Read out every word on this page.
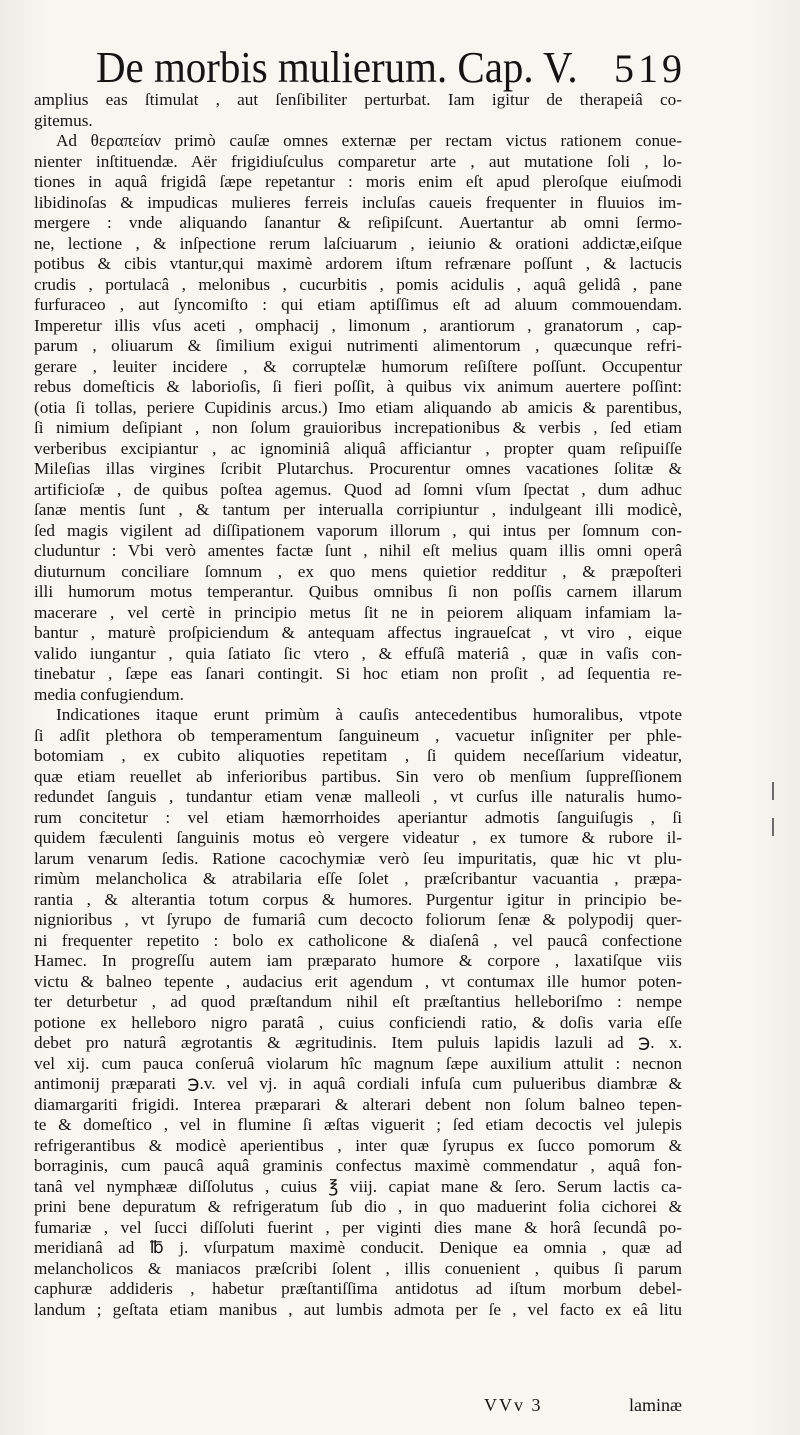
De morbis mulierum. Cap. V. 519
amplius eas ſtimulat , aut ſenſibiliter perturbat. Iam igitur de therapeiâ co-
gitemus.
Ad θεραπείαν primò cauſæ omnes externæ per rectam victus rationem conue-
nienter inſtituendæ. Aër frigidiuſculus comparetur arte , aut mutatione ſoli , lo-
tiones in aquâ frigidâ ſæpe repetantur : moris enim eſt apud pleroſque eiuſmodi
libidinoſas & impudicas mulieres ferreis incluſas caueis frequenter in fluuios im-
mergere : vnde aliquando ſanantur & reſipiſcunt. Auertantur ab omni ſermo-
ne, lectione , & inſpectione rerum laſciuarum , ieiunio & orationi addictæ,eiſque
potibus & cibis vtantur,qui maximè ardorem iſtum refrænare poſſunt , & lactucis
crudis , portulacâ , melonibus , cucurbitis , pomis acidulis , aquâ gelidâ , pane
furfuraceo , aut ſyncomiſto : qui etiam aptiſſimus eſt ad aluum commouendam.
Imperetur illis vſus aceti , omphacij , limonum , arantiorum , granatorum , cap-
parum , oliuarum & ſimilium exigui nutrimenti alimentorum , quæcunque refri-
gerare , leuiter incidere , & corruptelæ humorum reſiſtere poſſunt. Occupentur
rebus domeſticis & laborioſis, ſi fieri poſſit, à quibus vix animum auertere poſſint:
(otia ſi tollas, periere Cupidinis arcus.) Imo etiam aliquando ab amicis & parentibus,
ſi nimium deſipiant , non ſolum grauioribus increpationibus & verbis , ſed etiam
verberibus excipiantur , ac ignominiâ aliquâ afficiantur , propter quam reſipuiſſe
Mileſias illas virgines ſcribit Plutarchus. Procurentur omnes vacationes ſolitæ &
artificioſæ , de quibus poſtea agemus. Quod ad ſomni vſum ſpectat , dum adhuc
ſanæ mentis ſunt , & tantum per interualla corripiuntur , indulgeant illi modicè,
ſed magis vigilent ad diſſipationem vaporum illorum , qui intus per ſomnum con-
cluduntur : Vbi verò amentes factæ ſunt , nihil eſt melius quam illis omni operâ
diuturnum conciliare ſomnum , ex quo mens quietior redditur , & præpoſteri
illi humorum motus temperantur. Quibus omnibus ſi non poſſis carnem illarum
macerare , vel certè in principio metus ſit ne in peiorem aliquam infamiam la-
bantur , maturè proſpiciendum & antequam affectus ingraueſcat , vt viro , eique
valido iungantur , quia ſatiato ſic vtero , & effuſâ materiâ , quæ in vaſis con-
tinebatur , ſæpe eas ſanari contingit. Si hoc etiam non proſit , ad ſequentia re-
media confugiendum.
Indicationes itaque erunt primùm à cauſis antecedentibus humoralibus, vtpote
ſi adſit plethora ob temperamentum ſanguineum , vacuetur inſigniter per phle-
botomiam , ex cubito aliquoties repetitam , ſi quidem neceſſarium videatur,
quæ etiam reuellet ab inferioribus partibus. Sin vero ob menſium ſuppreſſionem
redundet ſanguis , tundantur etiam venæ malleoli , vt curſus ille naturalis humo-
rum concitetur : vel etiam hæmorrhoides aperiantur admotis ſanguiſugis , ſi
quidem fæculenti ſanguinis motus eò vergere videatur , ex tumore & rubore il-
larum venarum ſedis. Ratione cacochymiæ verò ſeu impuritatis, quæ hic vt plu-
rimùm melancholica & atrabilaria eſſe ſolet , præſcribantur vacuantia , præpa-
rantia , & alterantia totum corpus & humores. Purgentur igitur in principio be-
nignioribus , vt ſyrupo de fumariâ cum decocto foliorum ſenæ & polypodij quer-
ni frequenter repetito : bolo ex catholicone & diaſenâ , vel paucâ confectione
Hamec. In progreſſu autem iam præparato humore & corpore , laxatiſque viis
victu & balneo tepente , audacius erit agendum , vt contumax ille humor poten-
ter deturbetur , ad quod præſtandum nihil eſt præſtantius helleboriſmo : nempe
potione ex helleboro nigro paratâ , cuius conficiendi ratio, & doſis varia eſſe
debet pro naturâ ægrotantis & ægritudinis. Item puluis lapidis lazuli ad ℈. x.
vel xij. cum pauca conſeruâ violarum hîc magnum ſæpe auxilium attulit : necnon
antimonij præparati ℈.v. vel vj. in aquâ cordiali infuſa cum pulueribus diambræ &
diamargariti frigidi. Interea præparari & alterari debent non ſolum balneo tepen-
te & domeſtico , vel in flumine ſi æſtas viguerit ; ſed etiam decoctis vel julepis
refrigerantibus & modicè aperientibus , inter quæ ſyrupus ex ſucco pomorum &
borraginis, cum paucâ aquâ graminis confectus maximè commendatur , aquâ fon-
tanâ vel nymphææ diſſolutus , cuius ℥ viij. capiat mane & ſero. Serum lactis ca-
prini bene depuratum & refrigeratum ſub dio , in quo maduerint folia cichorei &
fumariæ , vel ſucci diſſoluti fuerint , per viginti dies mane & horâ ſecundâ po-
meridianâ ad ℔ j. vſurpatum maximè conducit. Denique ea omnia , quæ ad
melancholicos & maniacos præſcribi ſolent , illis conuenient , quibus ſi parum
caphuræ addideris , habetur præſtantiſſima antidotus ad iſtum morbum debel-
landum ; geſtata etiam manibus , aut lumbis admota per ſe , vel facto ex eâ litu
VVv 3	laminæ
